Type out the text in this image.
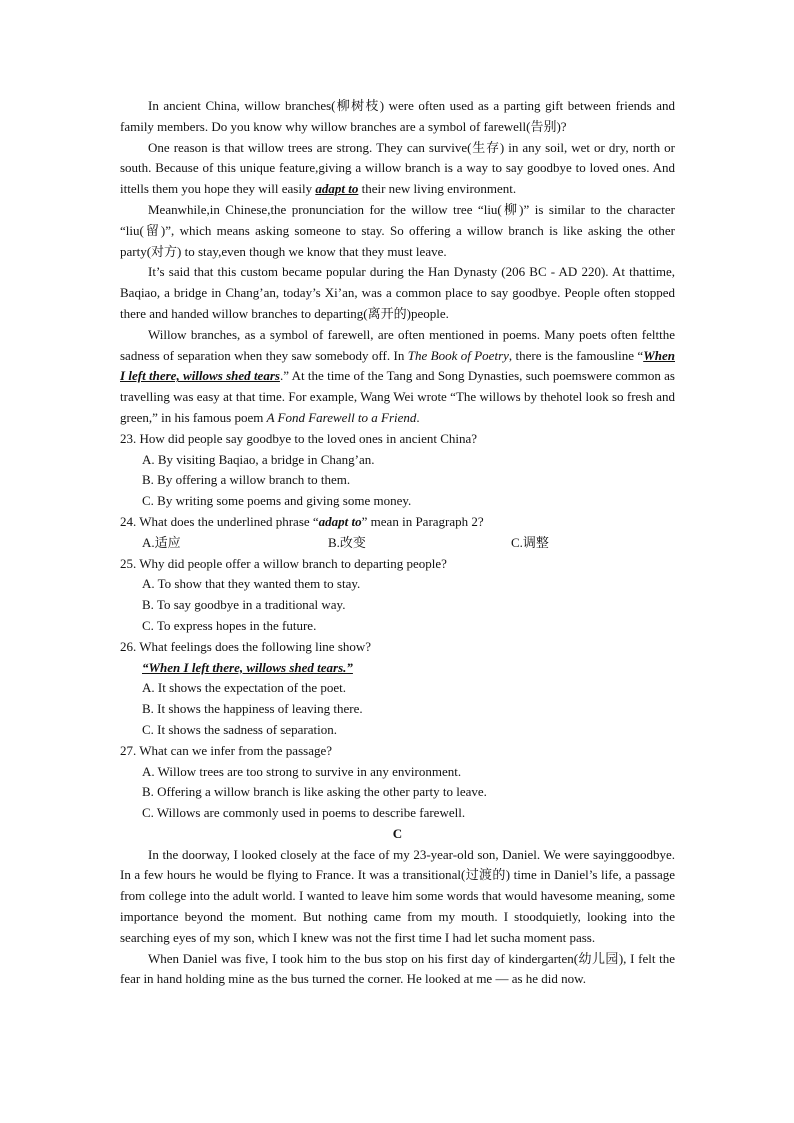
In ancient China, willow branches(柳树枝) were often used as a parting gift between friends and family members. Do you know why willow branches are a symbol of farewell(告别)?

One reason is that willow trees are strong. They can survive(生存) in any soil, wet or dry, north or south. Because of this unique feature,giving a willow branch is a way to say goodbye to loved ones. And ittells them you hope they will easily adapt to their new living environment.

Meanwhile,in Chinese,the pronunciation for the willow tree “liu(柳)” is similar to the character “liu(留)”, which means asking someone to stay. So offering a willow branch is like asking the other party(对方) to stay,even though we know that they must leave.

It’s said that this custom became popular during the Han Dynasty (206 BC - AD 220). At thattime, Baqiao, a bridge in Chang’an, today’s Xi’an, was a common place to say goodbye. People often stopped there and handed willow branches to departing(离开的)people.

Willow branches, as a symbol of farewell, are often mentioned in poems. Many poets often feltthe sadness of separation when they saw somebody off. In The Book of Poetry, there is the famousline “When I left there, willows shed tears.” At the time of the Tang and Song Dynasties, such poemswere common as travelling was easy at that time. For example, Wang Wei wrote “The willows by thehotel look so fresh and green,” in his famous poem A Fond Farewell to a Friend.

23. How did people say goodbye to the loved ones in ancient China?
A. By visiting Baqiao, a bridge in Chang’an.
B. By offering a willow branch to them.
C. By writing some poems and giving some money.
24. What does the underlined phrase “adapt to” mean in Paragraph 2?
A.适应	B.改变	C.调整
25. Why did people offer a willow branch to departing people?
A. To show that they wanted them to stay.
B. To say goodbye in a traditional way.
C. To express hopes in the future.
26. What feelings does the following line show?
“When I left there, willows shed tears.”
A. It shows the expectation of the poet.
B. It shows the happiness of leaving there.
C. It shows the sadness of separation.
27. What can we infer from the passage?
A. Willow trees are too strong to survive in any environment.
B. Offering a willow branch is like asking the other party to leave.
C. Willows are commonly used in poems to describe farewell.
C

In the doorway, I looked closely at the face of my 23-year-old son, Daniel. We were sayinggoodbye. In a few hours he would be flying to France. It was a transitional(过渡的) time in Daniel’s life, a passage from college into the adult world. I wanted to leave him some words that would havesome meaning, some importance beyond the moment. But nothing came from my mouth. I stoodquietly, looking into the searching eyes of my son, which I knew was not the first time I had let sucha moment pass.

When Daniel was five, I took him to the bus stop on his first day of kindergarten(幼儿园), I felt the fear in hand holding mine as the bus turned the corner. He looked at me — as he did now.
